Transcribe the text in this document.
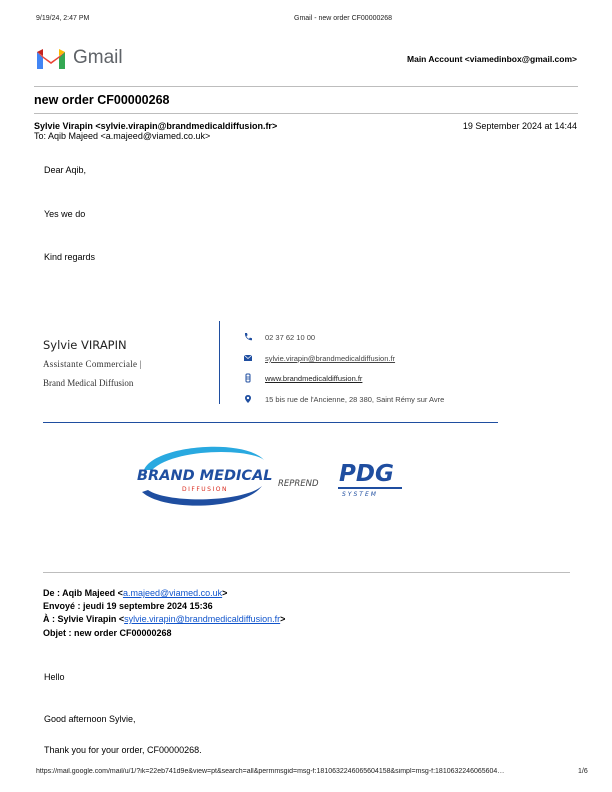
9/19/24, 2:47 PM	Gmail - new order CF00000268
Gmail	Main Account <viamedinbox@gmail.com>
new order CF00000268
Sylvie Virapin <sylvie.virapin@brandmedicaldiffusion.fr>	19 September 2024 at 14:44
To: Aqib Majeed <a.majeed@viamed.co.uk>
Dear Aqib,
Yes we do
Kind regards
Sylvie VIRAPIN
Assistante Commerciale |
Brand Medical Diffusion
02 37 62 10 00
sylvie.virapin@brandmedicaldiffusion.fr
www.brandmedicaldiffusion.fr
15 bis rue de l'Ancienne, 28 380, Saint Rémy sur Avre
BRAND MEDICAL
DIFFUSION
REPREND PDG
SYSTEM
De : Aqib Majeed <a.majeed@viamed.co.uk>
Envoyé : jeudi 19 septembre 2024 15:36
À : Sylvie Virapin <sylvie.virapin@brandmedicaldiffusion.fr>
Objet : new order CF00000268
Hello
Good afternoon Sylvie,
Thank you for your order, CF00000268.
https://mail.google.com/mail/u/1/?ik=22eb741d9e&view=pt&search=all&permmsgid=msg-f:1810632246065604158&simpl=msg-f:1810632246065604…	1/6
